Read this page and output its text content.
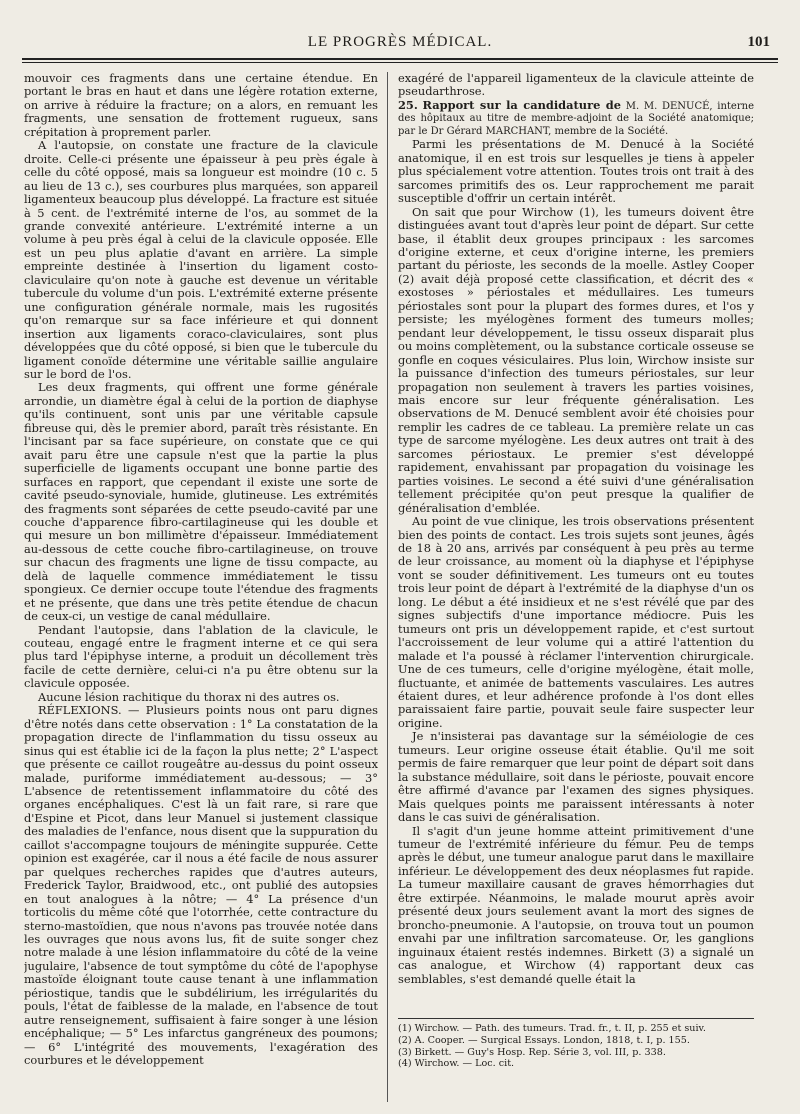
LE PROGRÈS MÉDICAL.	101

mouvoir ces fragments dans une certaine étendue. En portant le bras en haut et dans une légère rotation externe, on arrive à réduire la fracture; on a alors, en remuant les fragments, une sensation de frottement rugueux, sans crépitation à proprement parler.

A l'autopsie, on constate une fracture de la clavicule droite. Celle-ci présente une épaisseur à peu près égale à celle du côté opposé, mais sa longueur est moindre (10 c. 5 au lieu de 13 c.), ses courbures plus marquées, son appareil ligamenteux beaucoup plus développé. La fracture est située à 5 cent. de l'extrémité interne de l'os, au sommet de la grande convexité antérieure. L'extrémité interne a un volume à peu près égal à celui de la clavicule opposée. Elle est un peu plus aplatie d'avant en arrière. La simple empreinte destinée à l'insertion du ligament costo-claviculaire qu'on note à gauche est devenue un véritable tubercule du volume d'un pois. L'extrémité externe présente une configuration générale normale, mais les rugosités qu'on remarque sur sa face inférieure et qui donnent insertion aux ligaments coraco-claviculaires, sont plus développées que du côté opposé, si bien que le tubercule du ligament conoïde détermine une véritable saillie angulaire sur le bord de l'os.

Les deux fragments, qui offrent une forme générale arrondie, un diamètre égal à celui de la portion de diaphyse qu'ils continuent, sont unis par une véritable capsule fibreuse qui, dès le premier abord, paraît très résistante. En l'incisant par sa face supérieure, on constate que ce qui avait paru être une capsule n'est que la partie la plus superficielle de ligaments occupant une bonne partie des surfaces en rapport, que cependant il existe une sorte de cavité pseudo-synoviale, humide, glutineuse. Les extrémités des fragments sont séparées de cette pseudo-cavité par une couche d'apparence fibro-cartilagineuse qui les double et qui mesure un bon millimètre d'épaisseur. Immédiatement au-dessous de cette couche fibro-cartilagineuse, on trouve sur chacun des fragments une ligne de tissu compacte, au delà de laquelle commence immédiatement le tissu spongieux. Ce dernier occupe toute l'étendue des fragments et ne présente, que dans une très petite étendue de chacun de ceux-ci, un vestige de canal médullaire.

Pendant l'autopsie, dans l'ablation de la clavicule, le couteau, engagé entre le fragment interne et ce qui sera plus tard l'épiphyse interne, a produit un décollement très facile de cette dernière, celui-ci n'a pu être obtenu sur la clavicule opposée.

Aucune lésion rachitique du thorax ni des autres os.

RÉFLEXIONS. — Plusieurs points nous ont paru dignes d'être notés dans cette observation : 1° La constatation de la propagation directe de l'inflammation du tissu osseux au sinus qui est établie ici de la façon la plus nette; 2° L'aspect que présente ce caillot rougeâtre au-dessus du point osseux malade, puriforme immédiatement au-dessous; — 3° L'absence de retentissement inflammatoire du côté des organes encéphaliques. C'est là un fait rare, si rare que d'Espine et Picot, dans leur Manuel si justement classique des maladies de l'enfance, nous disent que la suppuration du caillot s'accompagne toujours de méningite suppurée. Cette opinion est exagérée, car il nous a été facile de nous assurer par quelques recherches rapides que d'autres auteurs, Frederick Taylor, Braidwood, etc., ont publié des autopsies en tout analogues à la nôtre; — 4° La présence d'un torticolis du même côté que l'otorrhée, cette contracture du sterno-mastoïdien, que nous n'avons pas trouvée notée dans les ouvrages que nous avons lus, fit de suite songer chez notre malade à une lésion inflammatoire du côté de la veine jugulaire, l'absence de tout symptôme du côté de l'apophyse mastoïde éloignant toute cause tenant à une inflammation périostique, tandis que le subdélirium, les irrégularités du pouls, l'état de faiblesse de la malade, en l'absence de tout autre renseignement, suffisaient à faire songer à une lésion encéphalique; — 5° Les infarctus gangréneux des poumons; — 6° L'intégrité des mouvements, l'exagération des courbures et le développement

exagéré de l'appareil ligamenteux de la clavicule atteinte de pseudarthrose.

25. Rapport sur la candidature de M. M. DENUCÉ, interne des hôpitaux au titre de membre-adjoint de la Société anatomique; par le Dr Gérard MARCHANT, membre de la Société.

Parmi les présentations de M. Denucé à la Société anatomique, il en est trois sur lesquelles je tiens à appeler plus spécialement votre attention. Toutes trois ont trait à des sarcomes primitifs des os. Leur rapprochement me parait susceptible d'offrir un certain intérêt.

On sait que pour Wirchow (1), les tumeurs doivent être distinguées avant tout d'après leur point de départ. Sur cette base, il établit deux groupes principaux : les sarcomes d'origine externe, et ceux d'origine interne, les premiers partant du périoste, les seconds de la moelle. Astley Cooper (2) avait déjà proposé cette classification, et décrit des « exostoses » périostales et médullaires. Les tumeurs périostales sont pour la plupart des formes dures, et l'os y persiste; les myélogènes forment des tumeurs molles; pendant leur développement, le tissu osseux disparait plus ou moins complètement, ou la substance corticale osseuse se gonfle en coques vésiculaires. Plus loin, Wirchow insiste sur la puissance d'infection des tumeurs périostales, sur leur propagation non seulement à travers les parties voisines, mais encore sur leur fréquente généralisation. Les observations de M. Denucé semblent avoir été choisies pour remplir les cadres de ce tableau. La première relate un cas type de sarcome myélogène. Les deux autres ont trait à des sarcomes périostaux. Le premier s'est développé rapidement, envahissant par propagation du voisinage les parties voisines. Le second a été suivi d'une généralisation tellement précipitée qu'on peut presque la qualifier de généralisation d'emblée.

Au point de vue clinique, les trois observations présentent bien des points de contact. Les trois sujets sont jeunes, âgés de 18 à 20 ans, arrivés par conséquent à peu près au terme de leur croissance, au moment où la diaphyse et l'épiphyse vont se souder définitivement. Les tumeurs ont eu toutes trois leur point de départ à l'extrémité de la diaphyse d'un os long. Le début a été insidieux et ne s'est révélé que par des signes subjectifs d'une importance médiocre. Puis les tumeurs ont pris un développement rapide, et c'est surtout l'accroissement de leur volume qui a attiré l'attention du malade et l'a poussé à réclamer l'intervention chirurgicale. Une de ces tumeurs, celle d'origine myélogène, était molle, fluctuante, et animée de battements vasculaires. Les autres étaient dures, et leur adhérence profonde à l'os dont elles paraissaient faire partie, pouvait seule faire suspecter leur origine.

Je n'insisterai pas davantage sur la séméiologie de ces tumeurs. Leur origine osseuse était établie. Qu'il me soit permis de faire remarquer que leur point de départ soit dans la substance médullaire, soit dans le périoste, pouvait encore être affirmé d'avance par l'examen des signes physiques. Mais quelques points me paraissent intéressants à noter dans le cas suivi de généralisation.

Il s'agit d'un jeune homme atteint primitivement d'une tumeur de l'extrémité inférieure du fémur. Peu de temps après le début, une tumeur analogue parut dans le maxillaire inférieur. Le développement des deux néoplasmes fut rapide. La tumeur maxillaire causant de graves hémorrhagies dut être extirpée. Néanmoins, le malade mourut après avoir présenté deux jours seulement avant la mort des signes de broncho-pneumonie. A l'autopsie, on trouva tout un poumon envahi par une infiltration sarcomateuse. Or, les ganglions inguinaux étaient restés indemnes. Birkett (3) a signalé un cas analogue, et Wirchow (4) rapportant deux cas semblables, s'est demandé quelle était la

(1) Wirchow. — Path. des tumeurs. Trad. fr., t. II, p. 255 et suiv.
(2) A. Cooper. — Surgical Essays. London, 1818, t. I, p. 155.
(3) Birkett. — Guy's Hosp. Rep. Série 3, vol. III, p. 338.
(4) Wirchow. — Loc. cit.
